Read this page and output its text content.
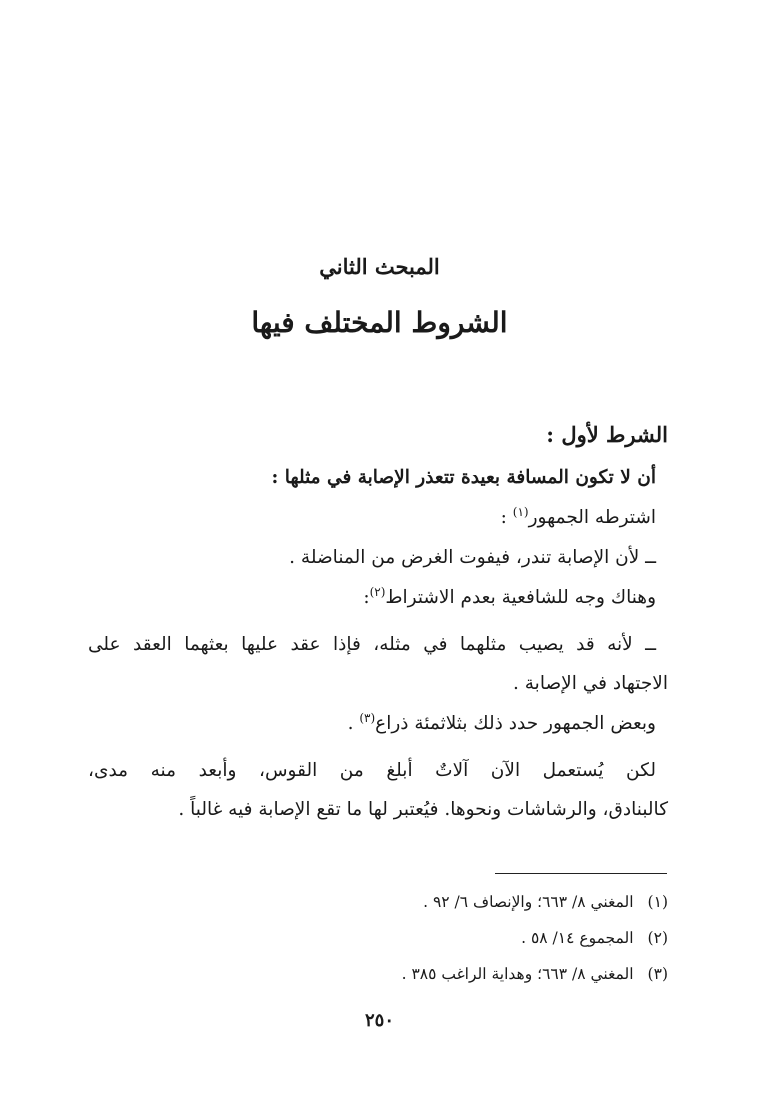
المبحث الثاني
الشروط المختلف فيها

الشرط لأول :

أن لا تكون المسافة بعيدة تتعذر الإصابة في مثلها :

اشترطه الجمهور$^{(١)}$ :

ــ لأن الإصابة تندر، فيفوت الغرض من المناضلة .

وهناك وجه للشافعية بعدم الاشتراط$^{(٢)}$:

ــ لأنه قد يصيب مثلهما في مثله، فإذا عقد عليها بعثهما العقد على

الاجتهاد في الإصابة .

وبعض الجمهور حدد ذلك بثلاثمئة ذراع$^{(٣)}$ .

لكن يُستعمل الآن آلاتٌ أبلغ من القوس، وأبعد منه مدى،

كالبنادق، والرشاشات ونحوها. فيُعتبر لها ما تقع الإصابة فيه غالباً .

(١)المغني ٨/ ٦٦٣؛ والإنصاف ٦/ ٩٢ .
(٢)المجموع ١٤/ ٥٨ .
(٣)المغني ٨/ ٦٦٣؛ وهداية الراغب ٣٨٥ .
٢٥٠
